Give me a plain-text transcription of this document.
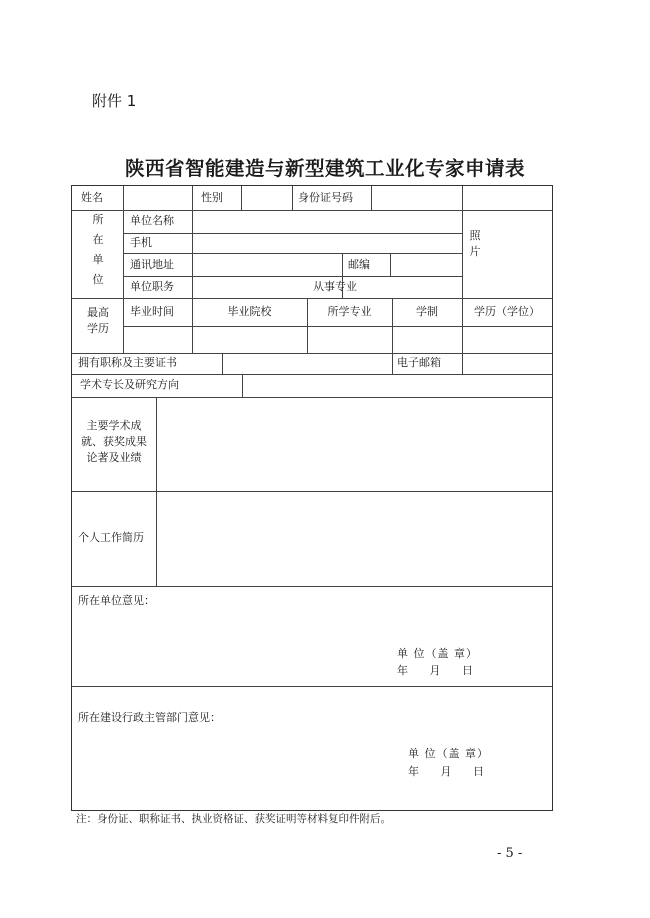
附件 1
陕西省智能建造与新型建筑工业化专家申请表
姓名	性别	身份证号码
所在单位
单位名称
手机
通讯地址	邮编
单位职务	从事专业
照片
最高学历
毕业时间	毕业院校	所学专业	学制	学历（学位）
拥有职称及主要证书	电子邮箱
学术专长及研究方向
主要学术成就、获奖成果论著及业绩
个人工作简历
所在单位意见：
单 位（盖 章）
年 月 日
所在建设行政主管部门意见：
单 位（盖 章）
年 月 日
注：身份证、职称证书、执业资格证、获奖证明等材料复印件附后。
- 5 -
